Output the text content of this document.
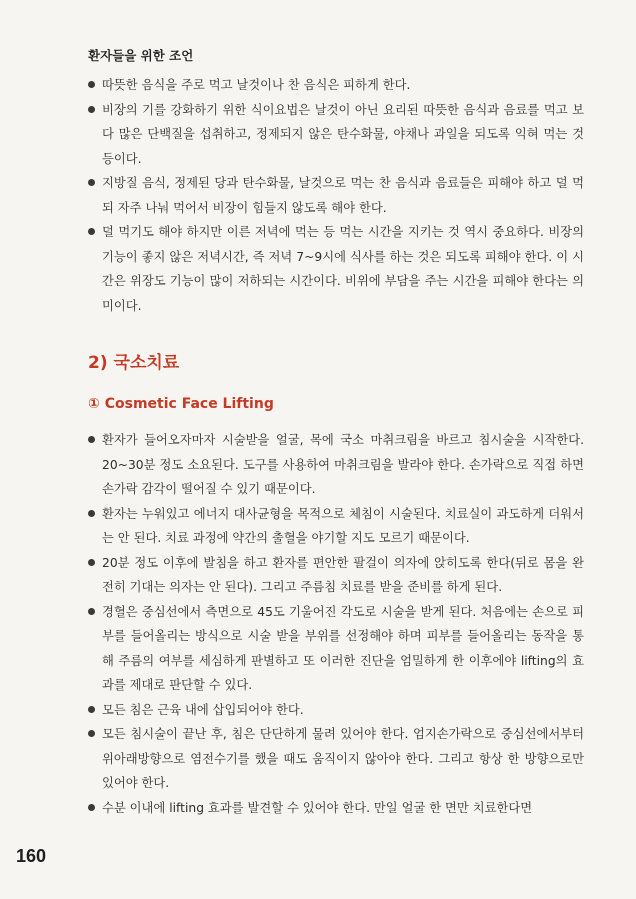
환자들을 위한 조언
따뜻한 음식을 주로 먹고 날것이나 찬 음식은 피하게 한다.
비장의 기를 강화하기 위한 식이요법은 날것이 아닌 요리된 따뜻한 음식과 음료를 먹고 보다 많은 단백질을 섭취하고, 정제되지 않은 탄수화물, 야채나 과일을 되도록 익혀 먹는 것 등이다.
지방질 음식, 정제된 당과 탄수화물, 날것으로 먹는 찬 음식과 음료들은 피해야 하고 덜 먹되 자주 나눠 먹어서 비장이 힘들지 않도록 해야 한다.
덜 먹기도 해야 하지만 이른 저녁에 먹는 등 먹는 시간을 지키는 것 역시 중요하다. 비장의 기능이 좋지 않은 저녁시간, 즉 저녁 7~9시에 식사를 하는 것은 되도록 피해야 한다. 이 시간은 위장도 기능이 많이 저하되는 시간이다. 비위에 부담을 주는 시간을 피해야 한다는 의미이다.
2) 국소치료
① Cosmetic Face Lifting
환자가 들어오자마자 시술받을 얼굴, 목에 국소 마취크림을 바르고 침시술을 시작한다. 20~30분 정도 소요된다. 도구를 사용하여 마취크림을 발라야 한다. 손가락으로 직접 하면 손가락 감각이 떨어질 수 있기 때문이다.
환자는 누워있고 에너지 대사균형을 목적으로 체침이 시술된다. 치료실이 과도하게 더워서는 안 된다. 치료 과정에 약간의 출혈을 야기할 지도 모르기 때문이다.
20분 정도 이후에 발침을 하고 환자를 편안한 팔걸이 의자에 앉히도록 한다(뒤로 몸을 완전히 기대는 의자는 안 된다). 그리고 주름침 치료를 받을 준비를 하게 된다.
경혈은 중심선에서 측면으로 45도 기울어진 각도로 시술을 받게 된다. 처음에는 손으로 피부를 들어올리는 방식으로 시술 받을 부위를 선정해야 하며 피부를 들어올리는 동작을 통해 주름의 여부를 세심하게 판별하고 또 이러한 진단을 엄밀하게 한 이후에야 lifting의 효과를 제대로 판단할 수 있다.
모든 침은 근육 내에 삽입되어야 한다.
모든 침시술이 끝난 후, 침은 단단하게 물려 있어야 한다. 엄지손가락으로 중심선에서부터 위아래방향으로 염전수기를 했을 때도 움직이지 않아야 한다. 그리고 항상 한 방향으로만 있어야 한다.
수분 이내에 lifting 효과를 발견할 수 있어야 한다. 만일 얼굴 한 면만 치료한다면
160
